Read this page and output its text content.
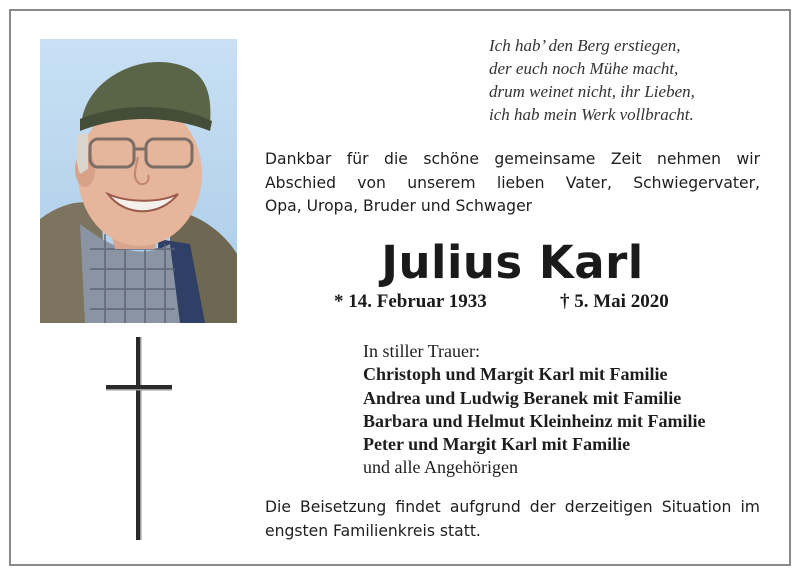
Ich hab’ den Berg erstiegen,
der euch noch Mühe macht,
drum weinet nicht, ihr Lieben,
ich hab mein Werk vollbracht.
Dankbar für die schöne gemeinsame Zeit nehmen wir
Abschied von unserem lieben Vater, Schwiegervater,
Opa, Uropa, Bruder und Schwager
Julius Karl
* 14. Februar 1933	† 5. Mai 2020
In stiller Trauer:
Christoph und Margit Karl mit Familie
Andrea und Ludwig Beranek mit Familie
Barbara und Helmut Kleinheinz mit Familie
Peter und Margit Karl mit Familie
und alle Angehörigen
Die Beisetzung findet aufgrund der derzeitigen Situation im
engsten Familienkreis statt.
